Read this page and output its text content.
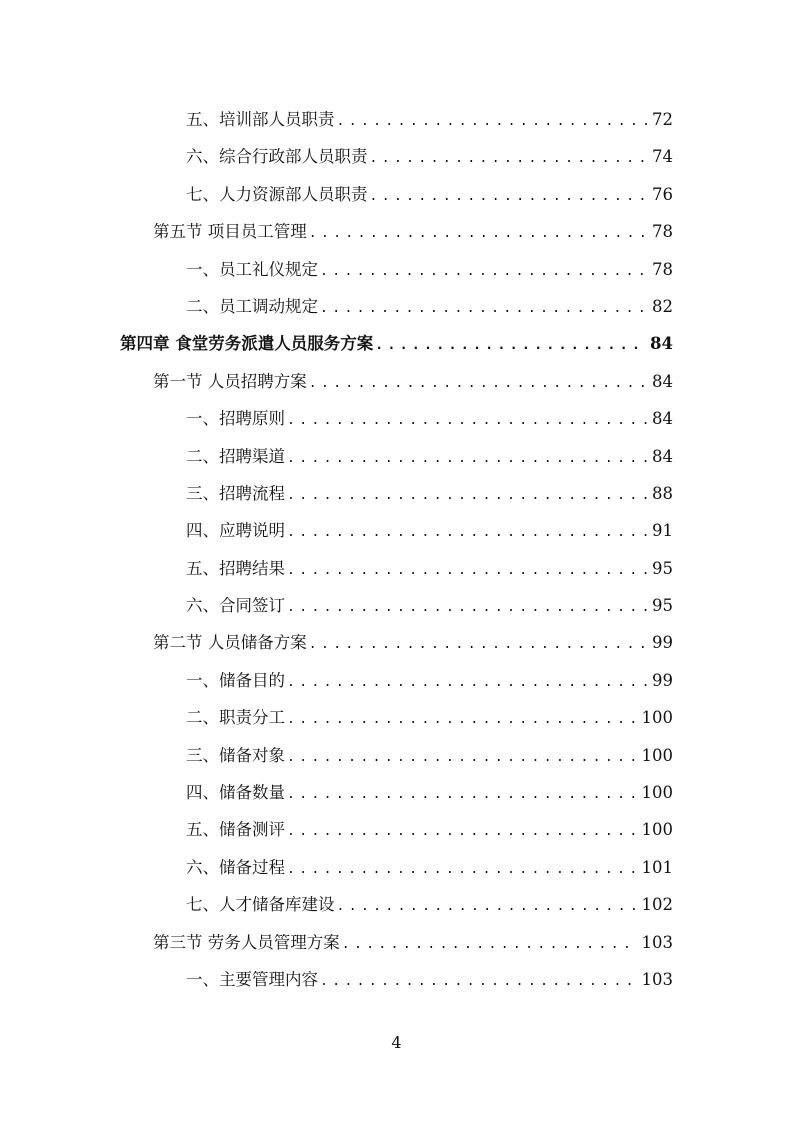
五、培训部人员职责 .....	72
六、综合行政部人员职责 .....	74
七、人力资源部人员职责 .....	76
第五节 项目员工管理 .....	78
一、员工礼仪规定 .....	78
二、员工调动规定 .....	82
第四章 食堂劳务派遣人员服务方案 .....	84
第一节 人员招聘方案 .....	84
一、招聘原则 .....	84
二、招聘渠道 .....	84
三、招聘流程 .....	88
四、应聘说明 .....	91
五、招聘结果 .....	95
六、合同签订 .....	95
第二节 人员储备方案 .....	99
一、储备目的 .....	99
二、职责分工 .....	100
三、储备对象 .....	100
四、储备数量 .....	100
五、储备测评 .....	100
六、储备过程 .....	101
七、人才储备库建设 .....	102
第三节 劳务人员管理方案 .....	103
一、主要管理内容 .....	103
4
